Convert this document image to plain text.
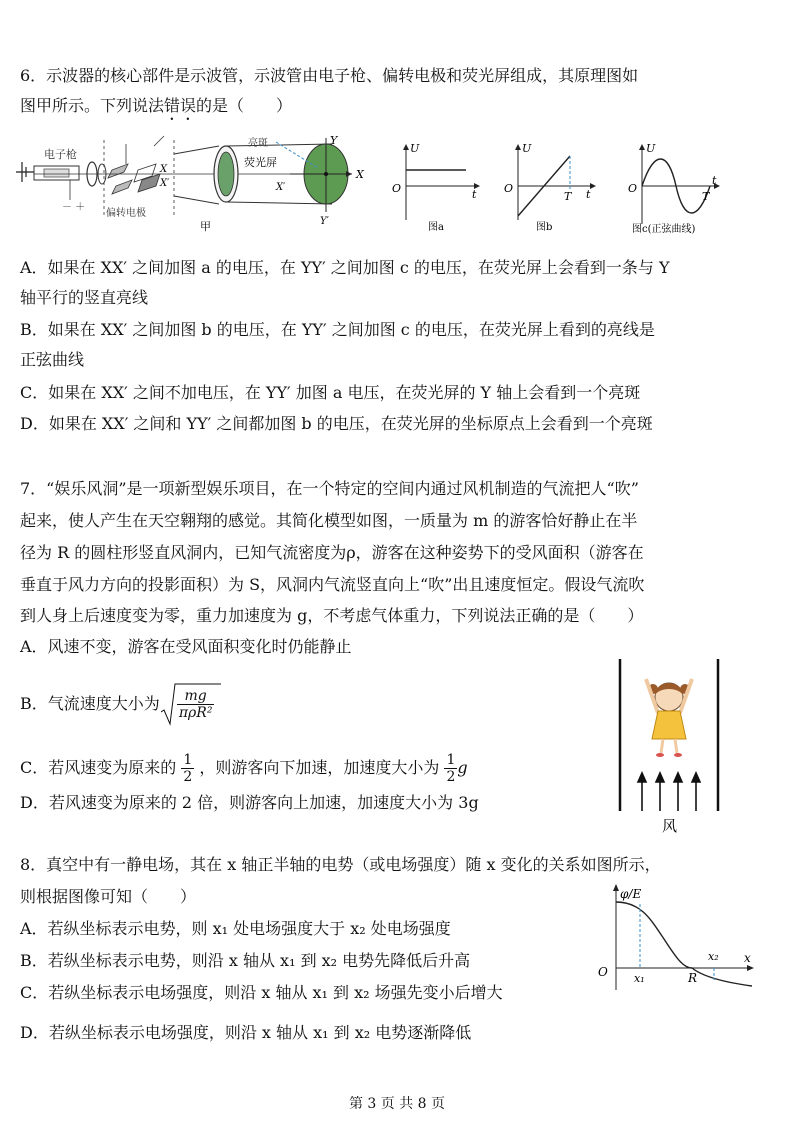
6．示波器的核心部件是示波管，示波管由电子枪、偏转电极和荧光屏组成，其原理图如
图甲所示。下列说法错误的是（　　）
电子枪
－ ＋
X
X′
偏转电极
荧光屏
X′
亮斑	Y
Y′
X
甲
U
O	t
图a
U
O
T t
图b
U
O
T
t
图c(正弦曲线)
A．如果在 XX′ 之间加图 a 的电压，在 YY′ 之间加图 c 的电压，在荧光屏上会看到一条与 Y
轴平行的竖直亮线
B．如果在 XX′ 之间加图 b 的电压，在 YY′ 之间加图 c 的电压，在荧光屏上看到的亮线是
正弦曲线
C．如果在 XX′ 之间不加电压，在 YY′ 加图 a 电压，在荧光屏的 Y 轴上会看到一个亮斑
D．如果在 XX′ 之间和 YY′ 之间都加图 b 的电压，在荧光屏的坐标原点上会看到一个亮斑
7．“娱乐风洞”是一项新型娱乐项目，在一个特定的空间内通过风机制造的气流把人“吹”
起来，使人产生在天空翱翔的感觉。其简化模型如图，一质量为 m 的游客恰好静止在半
径为 R 的圆柱形竖直风洞内，已知气流密度为ρ，游客在这种姿势下的受风面积（游客在
垂直于风力方向的投影面积）为 S，风洞内气流竖直向上“吹”出且速度恒定。假设气流吹
到人身上后速度变为零，重力加速度为 g，不考虑气体重力，下列说法正确的是（　　）
A．风速不变，游客在受风面积变化时仍能静止
B．气流速度大小为 $\frac{mg}{\text{πρR²}}$
C．若风速变为原来的 $\frac{1}{2}$ ，则游客向下加速，加速度大小为 $\frac{1}{2}$ g
D．若风速变为原来的 2 倍，则游客向上加速，加速度大小为 3g
风
8．真空中有一静电场，其在 x 轴正半轴的电势（或电场强度）随 x 变化的关系如图所示，
则根据图像可知（　　）
A．若纵坐标表示电势，则 x₁ 处电场强度大于 x₂ 处电场强度
B．若纵坐标表示电势，则沿 x 轴从 x₁ 到 x₂ 电势先降低后升高
C．若纵坐标表示电场强度，则沿 x 轴从 x₁ 到 x₂ 场强先变小后增大
D．若纵坐标表示电场强度，则沿 x 轴从 x₁ 到 x₂ 电势逐渐降低
φ/E
O x₁	R
x₂ x
第 3 页 共 8 页
